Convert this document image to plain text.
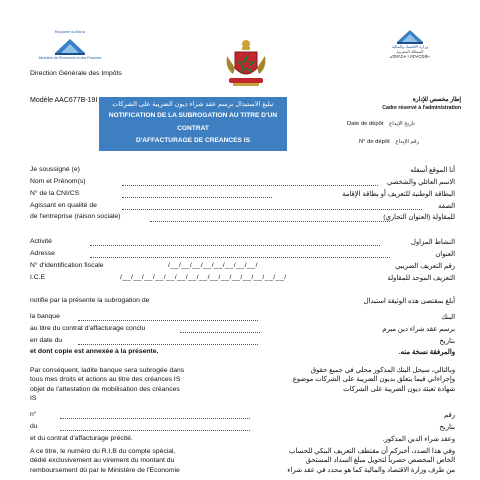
Royaume du Maroc
Ministère de l'Économie et des Finances
Direction Générale des Impôts
وزارة الاقتصاد والمالية
المملكة المغربية
+ⴰⴳⵍⴷⵉⵜ ⵏ ⵍⵎⵖⵔⵉⴱ
Modèle AAC677B-19I
تبليغ الاستبدال برسم عقد شراء ديون الضريبة على الشركات
NOTIFICATION DE LA SUBROGATION AU TITRE D'UN CONTRAT
D'AFFACTURAGE DE CREANCES IS
إطار مخصص للإدارة
Cadre réservé à l'administration
Date de dépôt تاريخ الإيداع
N° de dépôt رقم الإيداع
Je soussigné (e)	أنا الموقع أسفله
Nom et Prénom(s)	الاسم العائلي والشخصي
N° de la CNI/CS	البطاقة الوطنية للتعريف أو بطاقة الإقامة
Agissant en qualité de	الصفة
de l'entreprise (raison sociale)	للمقاولة (العنوان التجاري)
Activité	النشاط المزاول
Adresse	العنوان
N° d'identification fiscale	/__/__/__/__/__/__/__/__/	رقم التعريف الضريبي
I.C.E	/__/__/__/__/__/__/__/__/__/__/__/__/__/__/__/	التعريف الموحد للمقاولة
notifie par la présente la subrogation de	أبلغ بمقتضى هذه الوثيقة استبدال
la banque	البنك
au titre du contrat d'affacturage conclu	برسم عقد شراء دين مبرم
en date du	بتاريخ
et dont copie est annexée à la présente.	والمرفقة نسخة منه.
Par conséquent, ladite banque sera subrogée dans
tous mes droits et actions au titre des créances IS
objet de l'attestation de mobilisation des créances
IS
وبالتالي، سيحل البنك المذكور محلي في جميع حقوق
وإجراءاتي فيما يتعلق بديون الضريبة على الشركات موضوع
شهادة تعبئة ديون الضريبة على الشركات
n°	رقم
du	بتاريخ
et du contrat d'affacturage précité.	وعقد شراء الدين المذكور.
A ce titre, le numéro du R.I.B du compte spécial,
dédié exclusivement au virement du montant du
remboursement dû par le Ministère de l'Economie
وفي هذا الصدد، أخبركم أن مقتطف التعريف البنكي للحساب
الخاص المخصص حصرياً لتحويل مبلغ السداد المستحق
من طرف وزارة الاقتصاد والمالية كما هو محدد في عقد شراء
